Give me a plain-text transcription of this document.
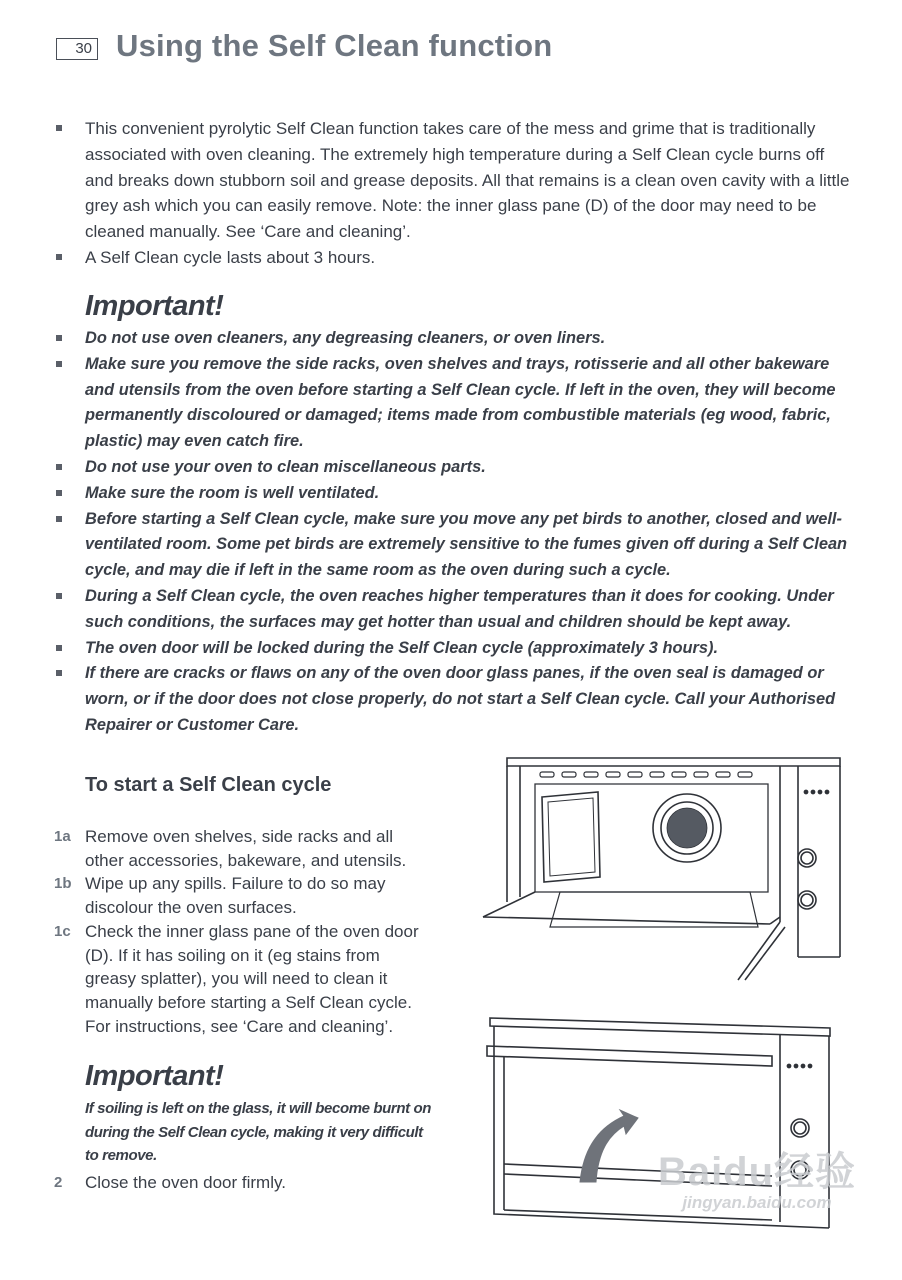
30 Using the Self Clean function
This convenient pyrolytic Self Clean function takes care of the mess and grime that is traditionally associated with oven cleaning. The extremely high temperature during a Self Clean cycle burns off and breaks down stubborn soil and grease deposits. All that remains is a clean oven cavity with a little grey ash which you can easily remove. Note: the inner glass pane (D) of the door may need to be cleaned manually. See ‘Care and cleaning’.
A Self Clean cycle lasts about 3 hours.
Important!
Do not use oven cleaners, any degreasing cleaners, or oven liners.
Make sure you remove the side racks, oven shelves and trays, rotisserie and all other bakeware and utensils from the oven before starting a Self Clean cycle. If left in the oven, they will become permanently discoloured or damaged; items made from combustible materials (eg wood, fabric, plastic) may even catch fire.
Do not use your oven to clean miscellaneous parts.
Make sure the room is well ventilated.
Before starting a Self Clean cycle, make sure you move any pet birds to another, closed and well-ventilated room. Some pet birds are extremely sensitive to the fumes given off during a Self Clean cycle, and may die if left in the same room as the oven during such a cycle.
During a Self Clean cycle, the oven reaches higher temperatures than it does for cooking. Under such conditions, the surfaces may get hotter than usual and children should be kept away.
The oven door will be locked during the Self Clean cycle (approximately 3 hours).
If there are cracks or flaws on any of the oven door glass panes, if the oven seal is damaged or worn, or if the door does not close properly, do not start a Self Clean cycle. Call your Authorised Repairer or Customer Care.
To start a Self Clean cycle
1a Remove oven shelves, side racks and all other accessories, bakeware, and utensils.
1b Wipe up any spills. Failure to do so may discolour the oven surfaces.
1c Check the inner glass pane of the oven door (D). If it has soiling on it (eg stains from greasy splatter), you will need to clean it manually before starting a Self Clean cycle. For instructions, see ‘Care and cleaning’.
Important!
If soiling is left on the glass, it will become burnt on during the Self Clean cycle, making it very difficult to remove.
2 Close the oven door firmly.	Baidu经验
jingyan.baidu.com
